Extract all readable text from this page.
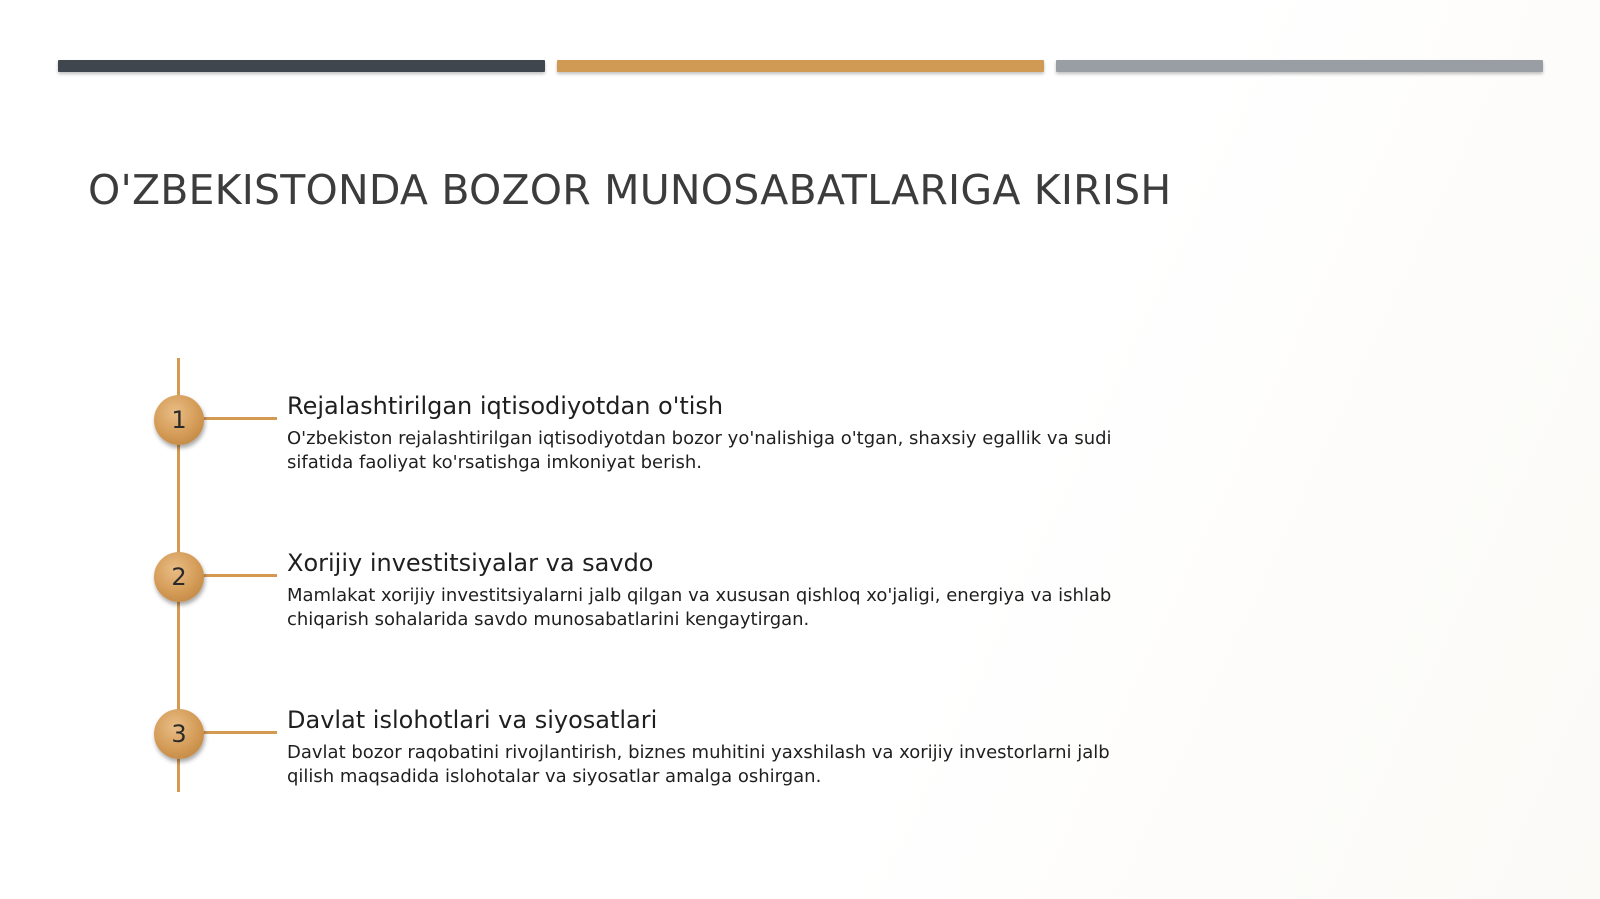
O'ZBEKISTONDA BOZOR MUNOSABATLARIGA KIRISH
1	Rejalashtirilgan iqtisodiyotdan o'tish

O'zbekiston rejalashtirilgan iqtisodiyotdan bozor yo'nalishiga o'tgan, shaxsiy egallik va sudi sifatida faoliyat ko'rsatishga imkoniyat berish.

2	Xorijiy investitsiyalar va savdo

Mamlakat xorijiy investitsiyalarni jalb qilgan va xususan qishloq xo'jaligi, energiya va ishlab chiqarish sohalarida savdo munosabatlarini kengaytirgan.

3	Davlat islohotlari va siyosatlari

Davlat bozor raqobatini rivojlantirish, biznes muhitini yaxshilash va xorijiy investorlarni jalb qilish maqsadida islohotalar va siyosatlar amalga oshirgan.
